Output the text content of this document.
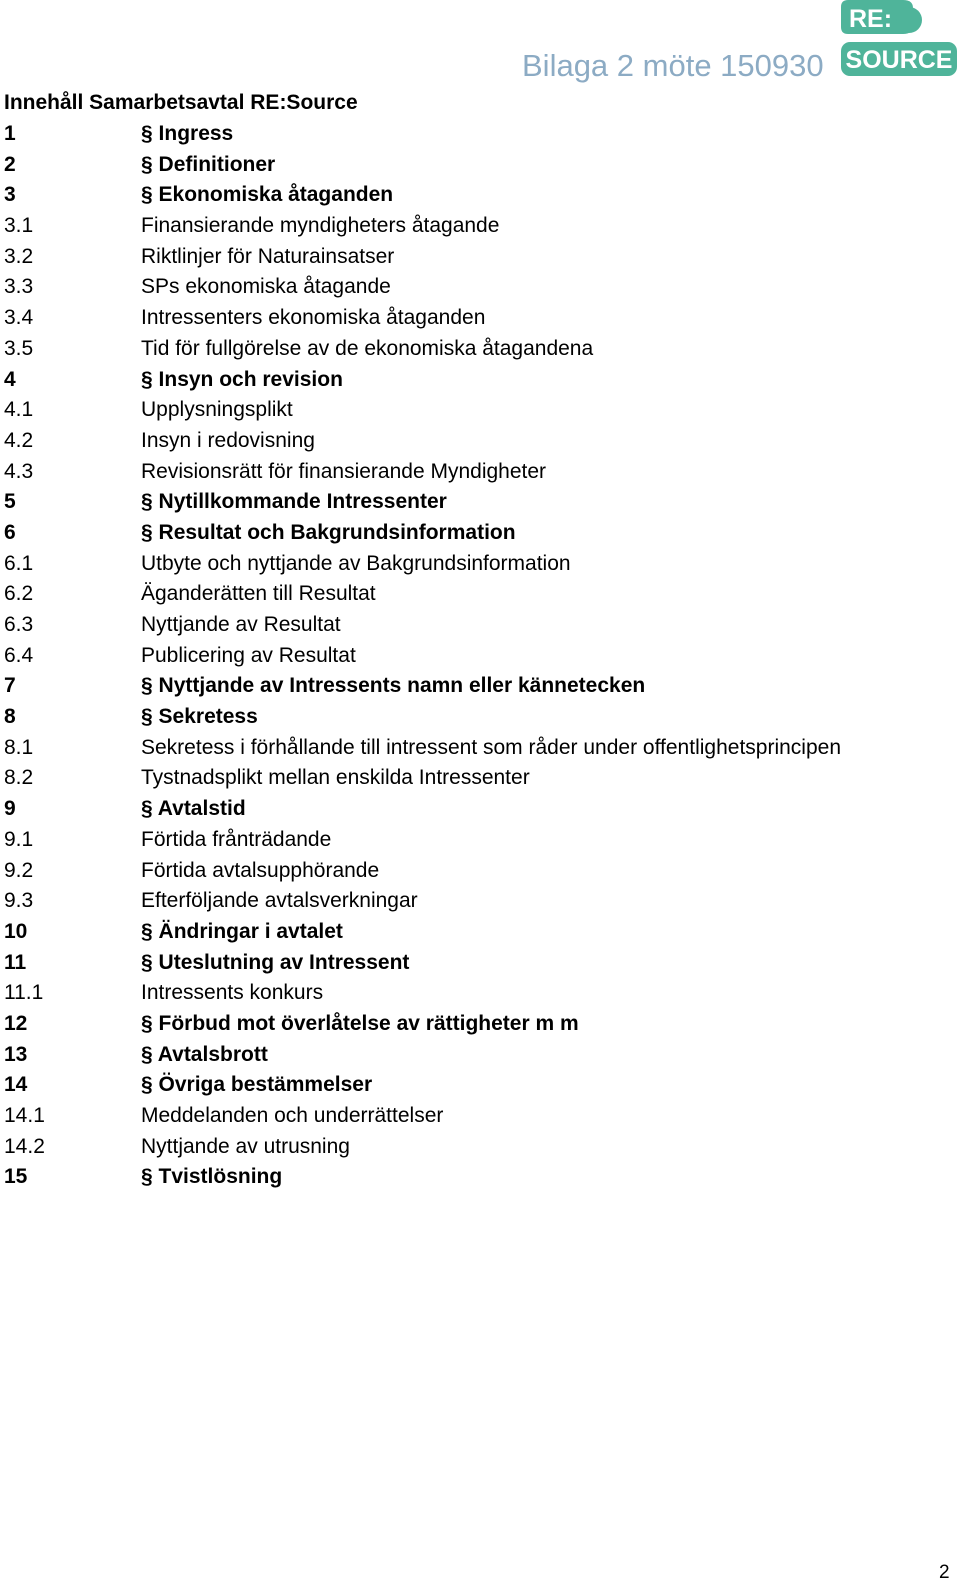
Bilaga 2 möte 150930
RE:
SOURCE
Innehåll Samarbetsavtal RE:Source
1	§ Ingress
2	§ Definitioner
3	§ Ekonomiska åtaganden
3.1	Finansierande myndigheters åtagande
3.2	Riktlinjer för Naturainsatser
3.3	SPs ekonomiska åtagande
3.4	Intressenters ekonomiska åtaganden
3.5	Tid för fullgörelse av de ekonomiska åtagandena
4	§ Insyn och revision
4.1	Upplysningsplikt
4.2	Insyn i redovisning
4.3	Revisionsrätt för finansierande Myndigheter
5	§ Nytillkommande Intressenter
6	§ Resultat och Bakgrundsinformation
6.1	Utbyte och nyttjande av Bakgrundsinformation
6.2	Äganderätten till Resultat
6.3	Nyttjande av Resultat
6.4	Publicering av Resultat
7	§ Nyttjande av Intressents namn eller kännetecken
8	§ Sekretess
8.1	Sekretess i förhållande till intressent som råder under offentlighetsprincipen
8.2	Tystnadsplikt mellan enskilda Intressenter
9	§ Avtalstid
9.1	Förtida frånträdande
9.2	Förtida avtalsupphörande
9.3	Efterföljande avtalsverkningar
10	§ Ändringar i avtalet
11	§ Uteslutning av Intressent
11.1	Intressents konkurs
12	§ Förbud mot överlåtelse av rättigheter m m
13	§ Avtalsbrott
14	§ Övriga bestämmelser
14.1	Meddelanden och underrättelser
14.2	Nyttjande av utrusning
15	§ Tvistlösning
2
